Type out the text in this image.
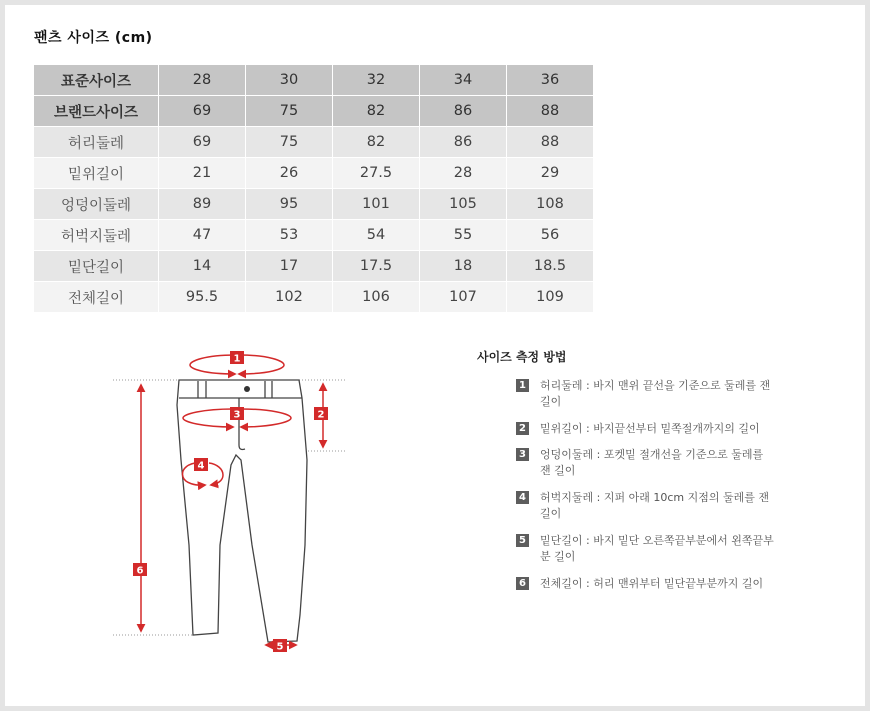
팬츠 사이즈 (cm)
표준사이즈	28	30	32	34	36
브랜드사이즈	69	75	82	86	88
허리둘레	69	75	82	86	88
밑위길이	21	26	27.5	28	29
엉덩이둘레	89	95	101	105	108
허벅지둘레	47	53	54	55	56
밑단길이	14	17	17.5	18	18.5
전체길이	95.5	102	106	107	109
1
3	2
4
6
5
사이즈 측정 방법
1 허리둘레 : 바지 맨위 끝선을 기준으로 둘레를 잰 길이
2 밑위길이 : 바지끝선부터 밑쪽절개까지의 길이
3 엉덩이둘레 : 포켓밑 절개선을 기준으로 둘레를 잰 길이
4 허벅지둘레 : 지퍼 아래 10cm 지점의 둘레를 잰 길이
5 밑단길이 : 바지 밑단 오른쪽끝부분에서 왼쪽끝부분 길이
6 전체길이 : 허리 맨위부터 밑단끝부분까지 길이
